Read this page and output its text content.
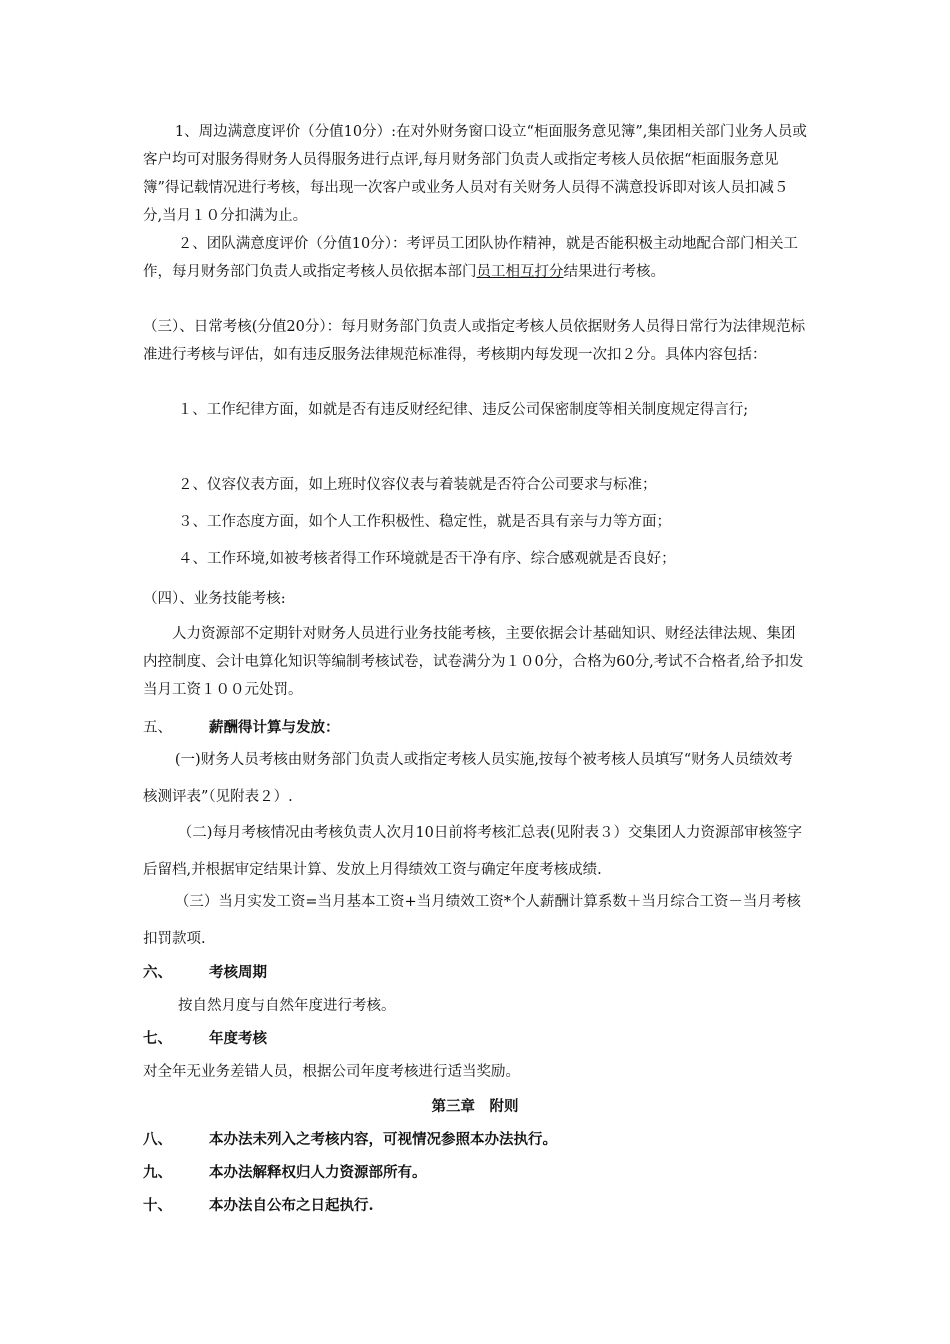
1、周边满意度评价（分值10分）:在对外财务窗口设立“柜面服务意见簿”,集团相关部门业务人员或客户均可对服务得财务人员得服务进行点评,每月财务部门负责人或指定考核人员依据“柜面服务意见簿”得记载情况进行考核，每出现一次客户或业务人员对有关财务人员得不满意投诉即对该人员扣减５分,当月１０分扣满为止。

２、团队满意度评价（分值10分）：考评员工团队协作精神，就是否能积极主动地配合部门相关工作，每月财务部门负责人或指定考核人员依据本部门员工相互打分结果进行考核。

（三）、日常考核(分值20分）：每月财务部门负责人或指定考核人员依据财务人员得日常行为法律规范标准进行考核与评估，如有违反服务法律规范标准得，考核期内每发现一次扣２分。具体内容包括：

１、工作纪律方面，如就是否有违反财经纪律、违反公司保密制度等相关制度规定得言行;

２、仪容仪表方面，如上班时仪容仪表与着装就是否符合公司要求与标准；

３、工作态度方面，如个人工作积极性、稳定性，就是否具有亲与力等方面；

４、工作环境,如被考核者得工作环境就是否干净有序、综合感观就是否良好；

（四）、业务技能考核:

人力资源部不定期针对财务人员进行业务技能考核，主要依据会计基础知识、财经法律法规、集团内控制度、会计电算化知识等编制考核试卷，试卷满分为１０0分，合格为60分,考试不合格者,给予扣发当月工资１００元处罚。

五、	薪酬得计算与发放：

(一)财务人员考核由财务部门负责人或指定考核人员实施,按每个被考核人员填写“财务人员绩效考核测评表”（见附表２）.

（二)每月考核情况由考核负责人次月10日前将考核汇总表(见附表３）交集团人力资源部审核签字后留档,并根据审定结果计算、发放上月得绩效工资与确定年度考核成绩.

（三）当月实发工资=当月基本工资+当月绩效工资*个人薪酬计算系数＋当月综合工资－当月考核扣罚款项.

六、	考核周期

按自然月度与自然年度进行考核。

七、	年度考核

对全年无业务差错人员，根据公司年度考核进行适当奖励。

第三章　附则
八、	本办法未列入之考核内容，可视情况参照本办法执行。
九、	本办法解释权归人力资源部所有。
十、	本办法自公布之日起执行.
